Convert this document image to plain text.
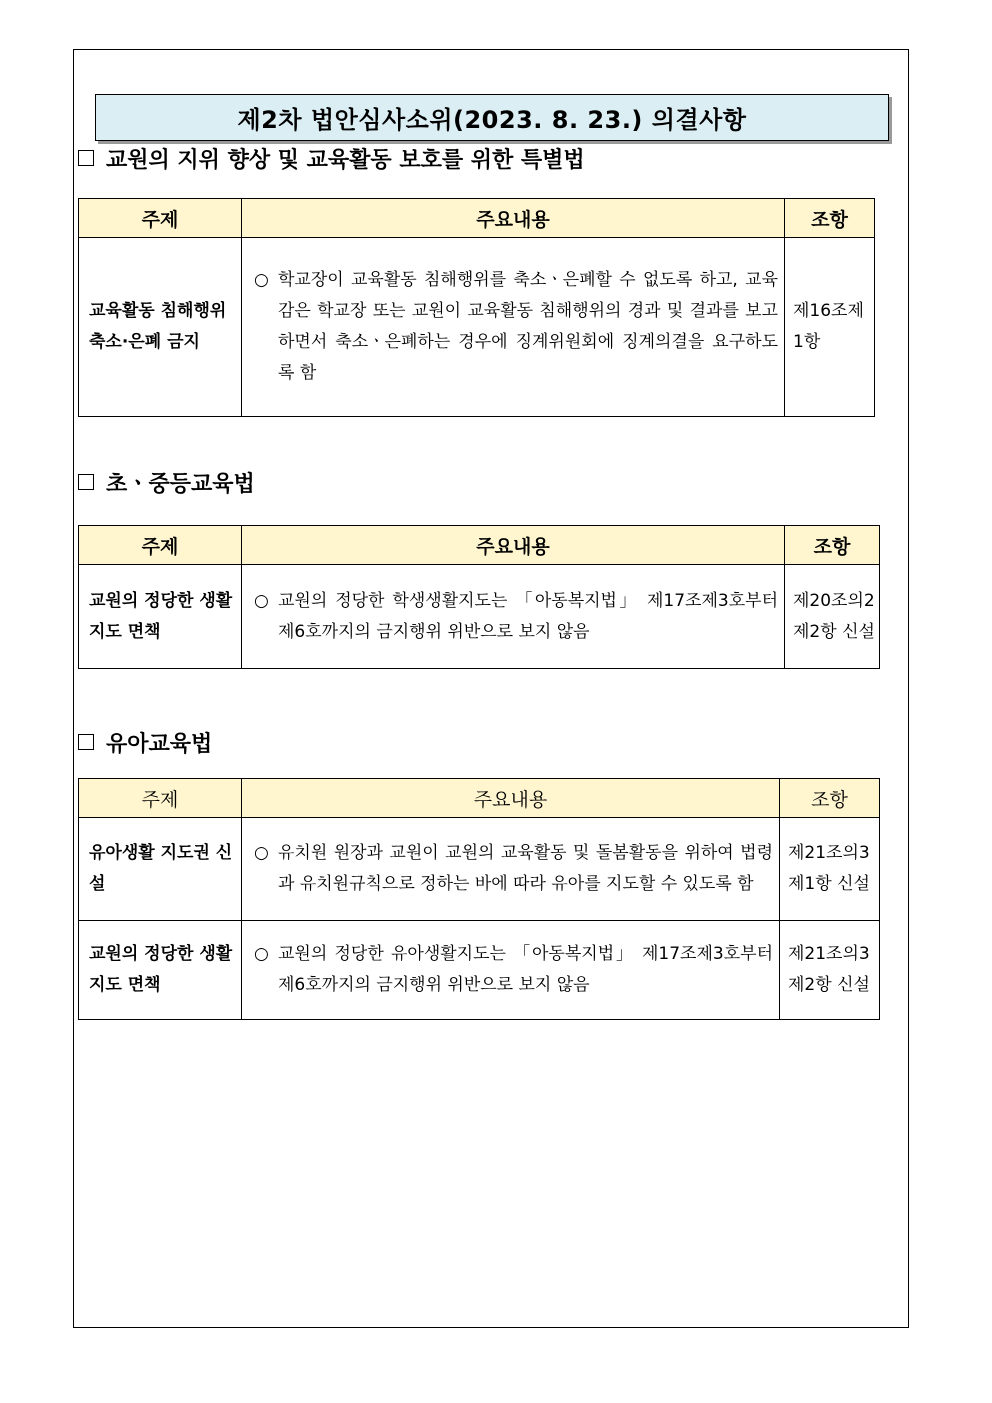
제2차 법안심사소위(2023. 8. 23.) 의결사항
교원의 지위 향상 및 교육활동 보호를 위한 특별법
주제	주요내용	조항
교육활동 침해행위 축소·은폐 금지	○ 학교장이 교육활동 침해행위를 축소ㆍ은폐할 수 없도록 하고, 교육감은 학교장 또는 교원이 교육활동 침해행위의 경과 및 결과를 보고하면서 축소ㆍ은폐하는 경우에 징계위원회에 징계의결을 요구하도록 함	제16조제1항
초ㆍ중등교육법
주제	주요내용	조항
교원의 정당한 생활지도 면책	○ 교원의 정당한 학생생활지도는 「아동복지법」 제17조제3호부터 제6호까지의 금지행위 위반으로 보지 않음	제20조의2제2항 신설
유아교육법
주제	주요내용	조항
유아생활 지도권 신설	○ 유치원 원장과 교원이 교원의 교육활동 및 돌봄활동을 위하여 법령과 유치원규칙으로 정하는 바에 따라 유아를 지도할 수 있도록 함	제21조의3제1항 신설
교원의 정당한 생활지도 면책	○ 교원의 정당한 유아생활지도는 「아동복지법」 제17조제3호부터 제6호까지의 금지행위 위반으로 보지 않음	제21조의3제2항 신설
